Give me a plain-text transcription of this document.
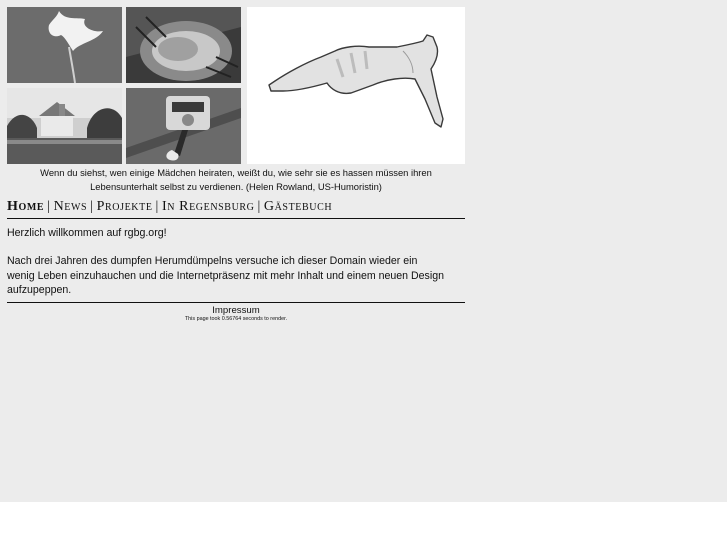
Wenn du siehst, wen einige Mädchen heiraten, weißt du, wie sehr sie es hassen müssen ihren Lebensunterhalt selbst zu verdienen. (Helen Rowland, US-Humoristin)
Home | News | Projekte | In Regensburg | Gästebuch

Herzlich willkommen auf rgbg.org!

Nach drei Jahren des dumpfen Herumdümpelns versuche ich dieser Domain wieder ein wenig Leben einzuhauchen und die Internetpräsenz mit mehr Inhalt und einem neuen Design aufzupeppen.

Impressum
This page took 0.56764 seconds to render.
